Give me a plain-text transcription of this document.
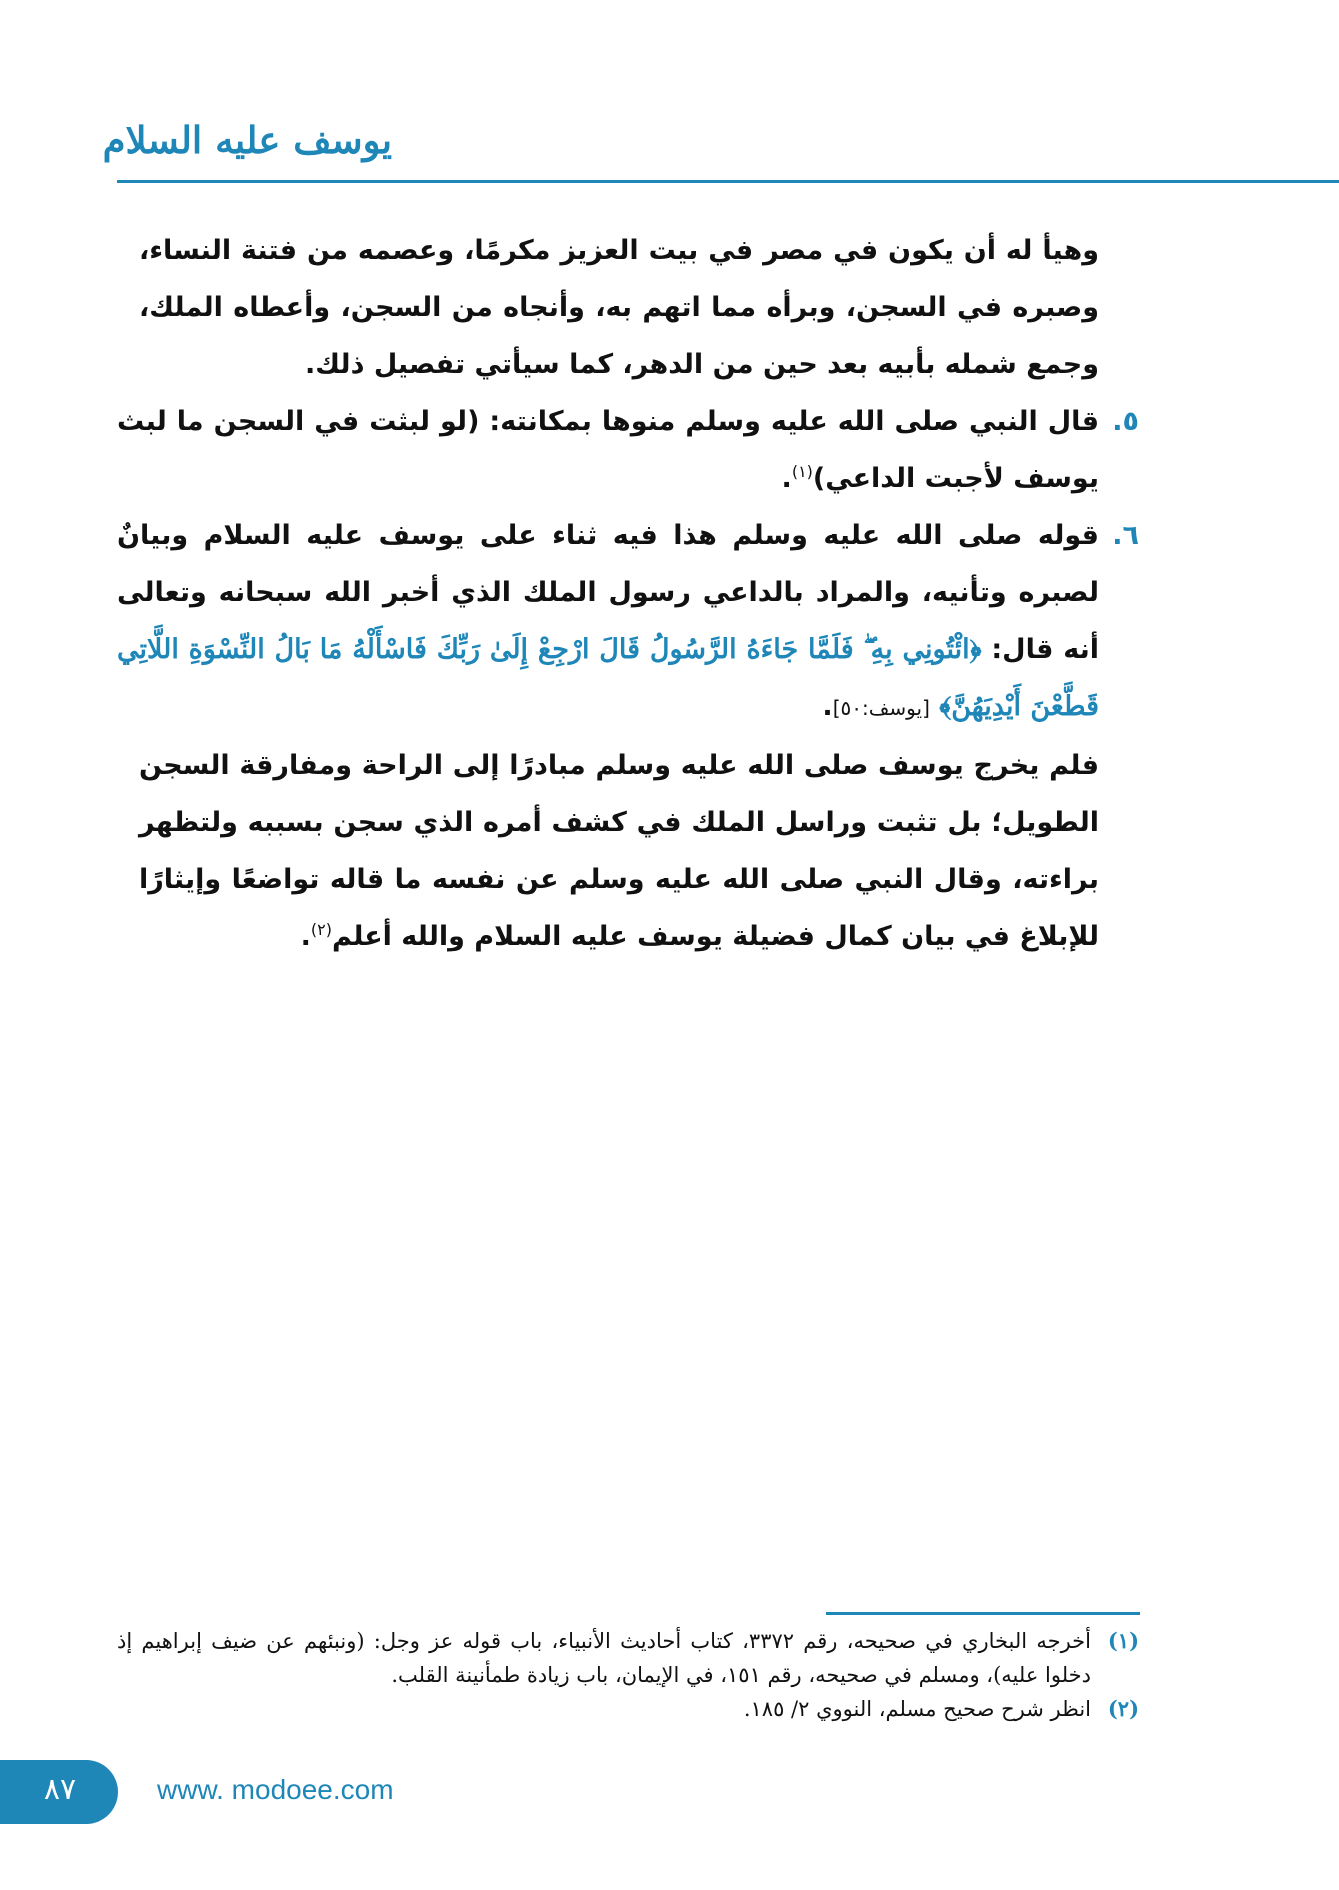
يوسف عليه السلام

وهيأ له أن يكون في مصر في بيت العزيز مكرمًا، وعصمه من فتنة النساء، وصبره في السجن، وبرأه مما اتهم به، وأنجاه من السجن، وأعطاه الملك، وجمع شمله بأبيه بعد حين من الدهر، كما سيأتي تفصيل ذلك.

٥.

قال النبي صلى الله عليه وسلم منوها بمكانته: (لو لبثت في السجن ما لبث يوسف لأجبت الداعي)$^{(١)}$.

٦.

قوله صلى الله عليه وسلم هذا فيه ثناء على يوسف عليه السلام وبيانٌ لصبره وتأنيه، والمراد بالداعي رسول الملك الذي أخبر الله سبحانه وتعالى أنه قال: ﴿ائْتُونِي بِهِ ۖ فَلَمَّا جَاءَهُ الرَّسُولُ قَالَ ارْجِعْ إِلَىٰ رَبِّكَ فَاسْأَلْهُ مَا بَالُ النِّسْوَةِ اللَّاتِي قَطَّعْنَ أَيْدِيَهُنَّ﴾ [يوسف:٥٠].

فلم يخرج يوسف صلى الله عليه وسلم مبادرًا إلى الراحة ومفارقة السجن الطويل؛ بل تثبت وراسل الملك في كشف أمره الذي سجن بسببه ولتظهر براءته، وقال النبي صلى الله عليه وسلم عن نفسه ما قاله تواضعًا وإيثارًا للإبلاغ في بيان كمال فضيلة يوسف عليه السلام والله أعلم$^{(٢)}$.

(١)
أخرجه البخاري في صحيحه، رقم ٣٣٧٢، كتاب أحاديث الأنبياء، باب قوله عز وجل: (ونبئهم عن ضيف إبراهيم إذ دخلوا عليه)، ومسلم في صحيحه، رقم ١٥١، في الإيمان، باب زيادة طمأنينة القلب.
(٢)
انظر شرح صحيح مسلم، النووي ٢/ ١٨٥.
٨٧	www. modoee.com
